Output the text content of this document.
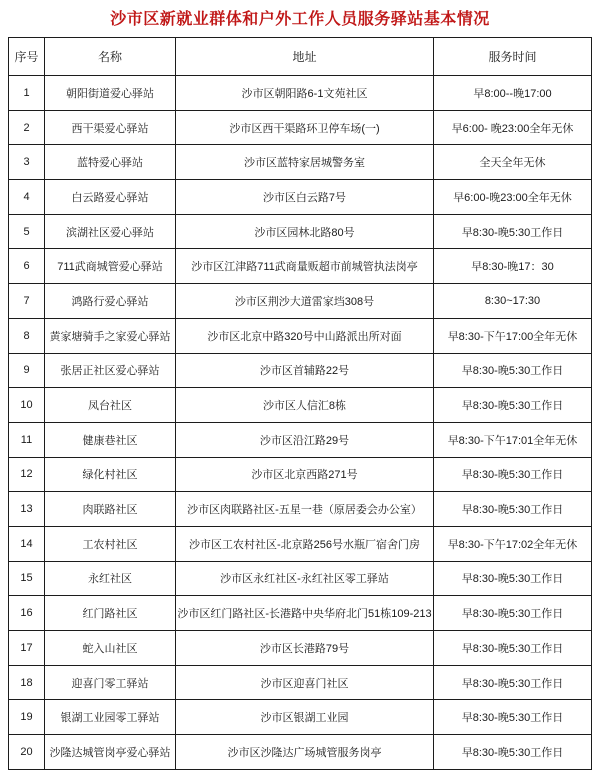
沙市区新就业群体和户外工作人员服务驿站基本情况
序号	名称	地址	服务时间
1	朝阳街道爱心驿站	沙市区朝阳路6-1文苑社区	早8:00--晚17:00
2	西干渠爱心驿站	沙市区西干渠路环卫停车场(一)	早6:00- 晚23:00全年无休
3	蓝特爱心驿站	沙市区蓝特家居城警务室	全天全年无休
4	白云路爱心驿站	沙市区白云路7号	早6:00-晚23:00全年无休
5	滨湖社区爱心驿站	沙市区园林北路80号	早8:30-晚5:30工作日
6	711武商城管爱心驿站	沙市区江津路711武商量贩超市前城管执法岗亭	早8:30-晚17：30
7	鸿路行爱心驿站	沙市区荆沙大道雷家垱308号	8:30~17:30
8	黄家塘骑手之家爱心驿站	沙市区北京中路320号中山路派出所对面	早8:30-下午17:00全年无休
9	张居正社区爱心驿站	沙市区首辅路22号	早8:30-晚5:30工作日
10	凤台社区	沙市区人信汇8栋	早8:30-晚5:30工作日
11	健康巷社区	沙市区沿江路29号	早8:30-下午17:01全年无休
12	绿化村社区	沙市区北京西路271号	早8:30-晚5:30工作日
13	肉联路社区	沙市区肉联路社区-五星一巷（原居委会办公室）	早8:30-晚5:30工作日
14	工农村社区	沙市区工农村社区-北京路256号水瓶厂宿舍门房	早8:30-下午17:02全年无休
15	永红社区	沙市区永红社区-永红社区零工驿站	早8:30-晚5:30工作日
16	红门路社区	沙市区红门路社区-长港路中央华府北门51栋109-213	早8:30-晚5:30工作日
17	蛇入山社区	沙市区长港路79号	早8:30-晚5:30工作日
18	迎喜门零工驿站	沙市区迎喜门社区	早8:30-晚5:30工作日
19	银湖工业园零工驿站	沙市区银湖工业园	早8:30-晚5:30工作日
20	沙隆达城管岗亭爱心驿站	沙市区沙隆达广场城管服务岗亭	早8:30-晚5:30工作日
